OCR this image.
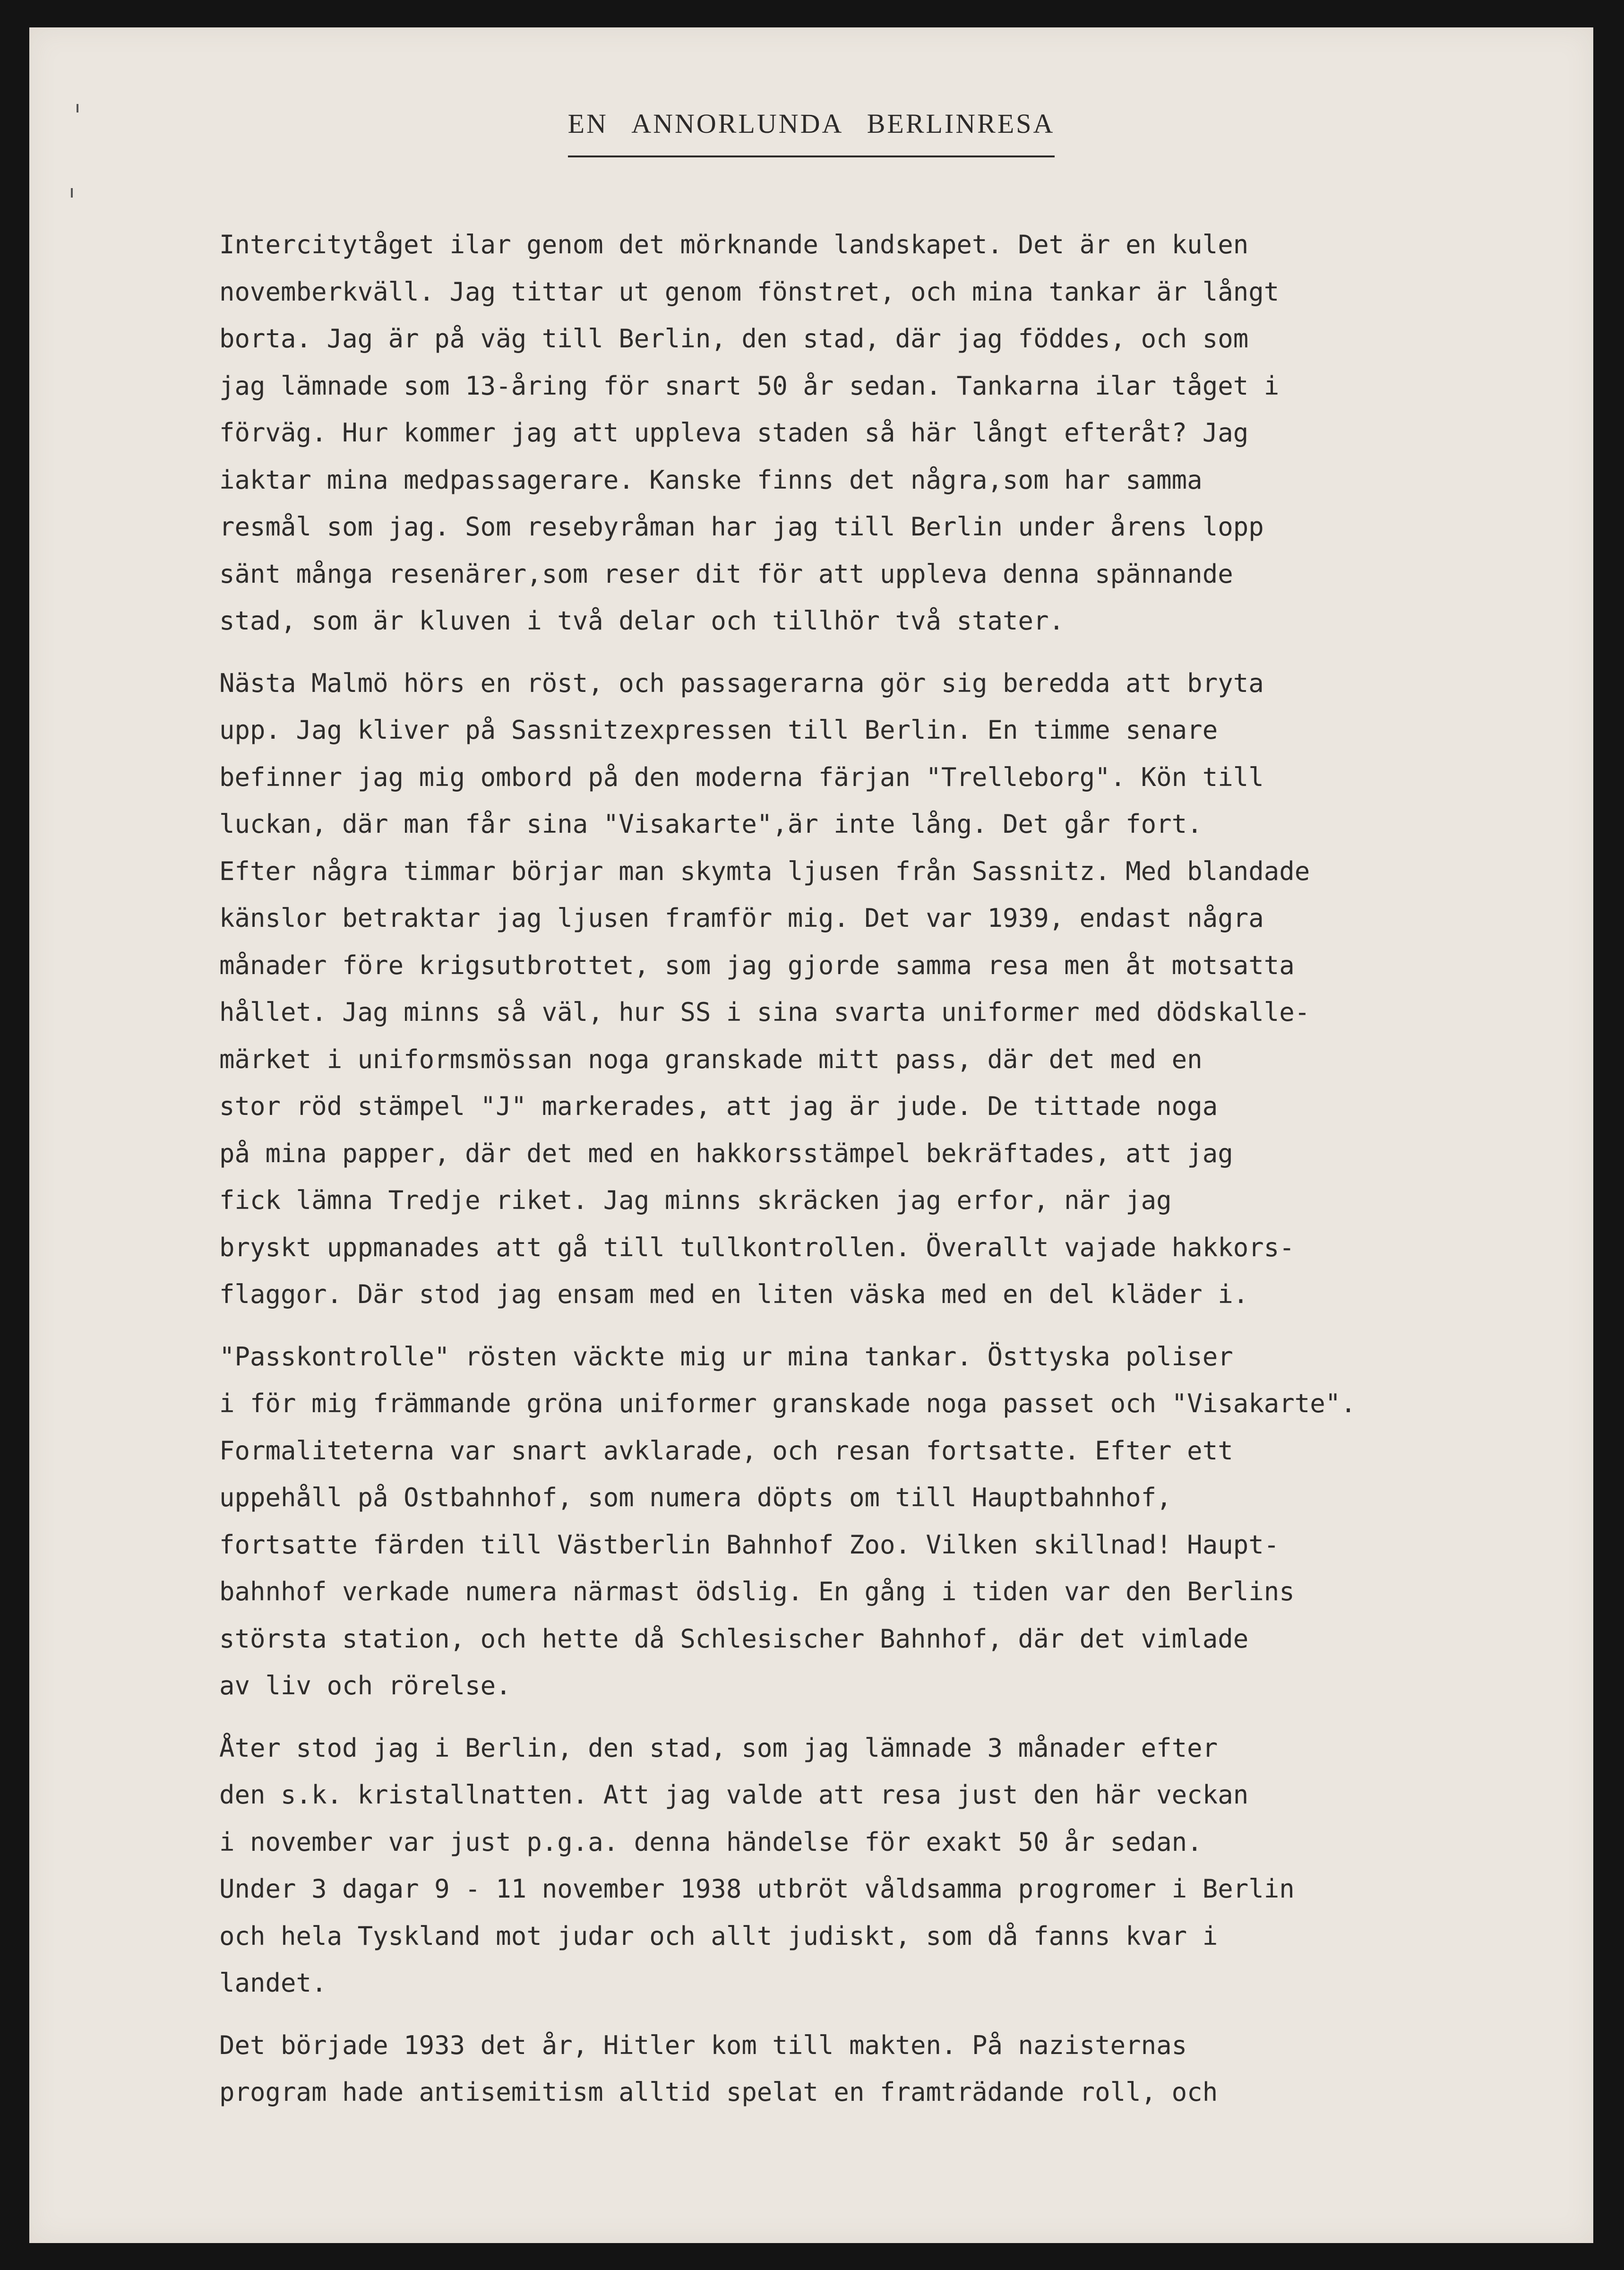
EN ANNORLUNDA BERLINRESA
Intercitytåget ilar genom det mörknande landskapet. Det är en kulen
novemberkväll. Jag tittar ut genom fönstret, och mina tankar är långt
borta. Jag är på väg till Berlin, den stad, där jag föddes, och som
jag lämnade som 13-åring för snart 50 år sedan. Tankarna ilar tåget i
förväg. Hur kommer jag att uppleva staden så här långt efteråt? Jag
iaktar mina medpassagerare. Kanske finns det några,som har samma
resmål som jag. Som resebyråman har jag till Berlin under årens lopp
sänt många resenärer,som reser dit för att uppleva denna spännande
stad, som är kluven i två delar och tillhör två stater.
Nästa Malmö hörs en röst, och passagerarna gör sig beredda att bryta
upp. Jag kliver på Sassnitzexpressen till Berlin. En timme senare
befinner jag mig ombord på den moderna färjan "Trelleborg". Kön till
luckan, där man får sina "Visakarte",är inte lång. Det går fort.
Efter några timmar börjar man skymta ljusen från Sassnitz. Med blandade
känslor betraktar jag ljusen framför mig. Det var 1939, endast några
månader före krigsutbrottet, som jag gjorde samma resa men åt motsatta
hållet. Jag minns så väl, hur SS i sina svarta uniformer med dödskalle-
märket i uniformsmössan noga granskade mitt pass, där det med en
stor röd stämpel "J" markerades, att jag är jude. De tittade noga
på mina papper, där det med en hakkorsstämpel bekräftades, att jag
fick lämna Tredje riket. Jag minns skräcken jag erfor, när jag
bryskt uppmanades att gå till tullkontrollen. Överallt vajade hakkors-
flaggor. Där stod jag ensam med en liten väska med en del kläder i.
"Passkontrolle" rösten väckte mig ur mina tankar. Östtyska poliser
i för mig främmande gröna uniformer granskade noga passet och "Visakarte".
Formaliteterna var snart avklarade, och resan fortsatte. Efter ett
uppehåll på Ostbahnhof, som numera döpts om till Hauptbahnhof,
fortsatte färden till Västberlin Bahnhof Zoo. Vilken skillnad! Haupt-
bahnhof verkade numera närmast ödslig. En gång i tiden var den Berlins
största station, och hette då Schlesischer Bahnhof, där det vimlade
av liv och rörelse.
Åter stod jag i Berlin, den stad, som jag lämnade 3 månader efter
den s.k. kristallnatten. Att jag valde att resa just den här veckan
i november var just p.g.a. denna händelse för exakt 50 år sedan.
Under 3 dagar 9 - 11 november 1938 utbröt våldsamma progromer i Berlin
och hela Tyskland mot judar och allt judiskt, som då fanns kvar i
landet.
Det började 1933 det år, Hitler kom till makten. På nazisternas
program hade antisemitism alltid spelat en framträdande roll, och
